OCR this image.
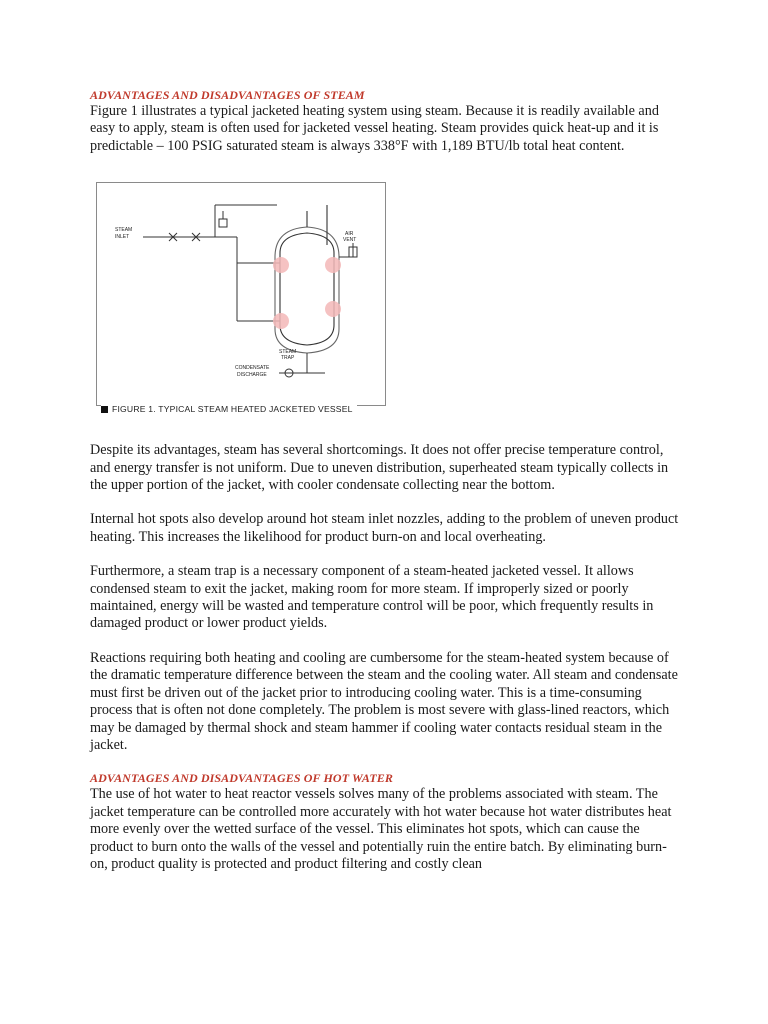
ADVANTAGES AND DISADVANTAGES OF STEAM

Figure 1 illustrates a typical jacketed heating system using steam. Because it is readily available and easy to apply, steam is often used for jacketed vessel heating. Steam provides quick heat-up and it is predictable – 100 PSIG saturated steam is always 338°F with 1,189 BTU/lb total heat content.

STEAM
INLET	AIR
VENT
STEAM
TRAP
CONDENSATE
DISCHARGE
FIGURE 1. TYPICAL STEAM HEATED JACKETED VESSEL

Despite its advantages, steam has several shortcomings. It does not offer precise temperature control, and energy transfer is not uniform. Due to uneven distribution, superheated steam typically collects in the upper portion of the jacket, with cooler condensate collecting near the bottom.

Internal hot spots also develop around hot steam inlet nozzles, adding to the problem of uneven product heating. This increases the likelihood for product burn-on and local overheating.

Furthermore, a steam trap is a necessary component of a steam-heated jacketed vessel. It allows condensed steam to exit the jacket, making room for more steam. If improperly sized or poorly maintained, energy will be wasted and temperature control will be poor, which frequently results in damaged product or lower product yields.

Reactions requiring both heating and cooling are cumbersome for the steam-heated system because of the dramatic temperature difference between the steam and the cooling water. All steam and condensate must first be driven out of the jacket prior to introducing cooling water. This is a time-consuming process that is often not done completely. The problem is most severe with glass-lined reactors, which may be damaged by thermal shock and steam hammer if cooling water contacts residual steam in the jacket.

ADVANTAGES AND DISADVANTAGES OF HOT WATER

The use of hot water to heat reactor vessels solves many of the problems associated with steam. The jacket temperature can be controlled more accurately with hot water because hot water distributes heat more evenly over the wetted surface of the vessel. This eliminates hot spots, which can cause the product to burn onto the walls of the vessel and potentially ruin the entire batch. By eliminating burn-on, product quality is protected and product filtering and costly clean
